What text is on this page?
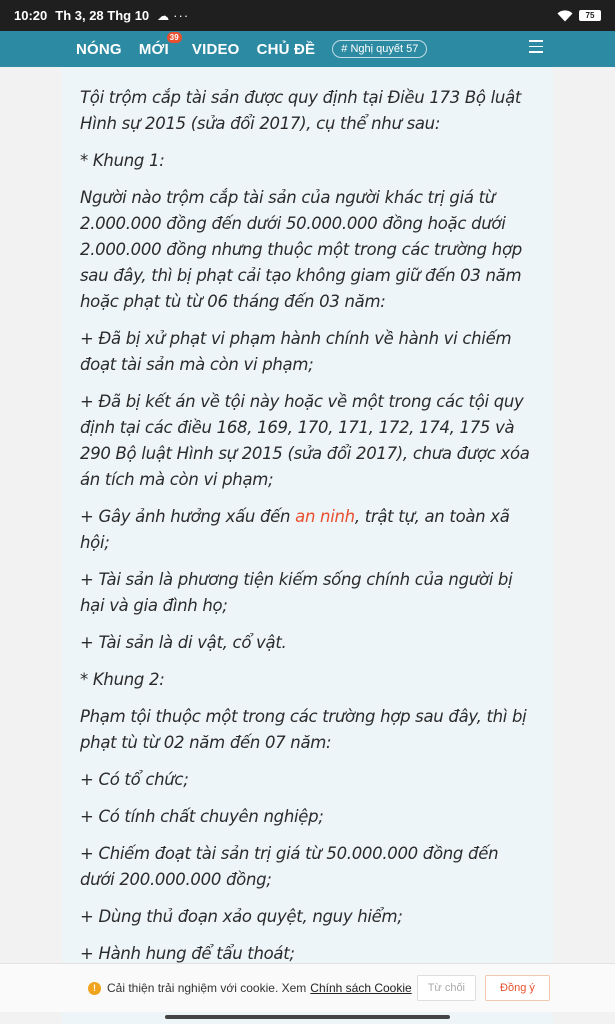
10:20 Th 3, 28 Thg 10 ☁ ···	75
NÓNG MỚI
39
VIDEO CHỦ ĐỀ	# Nghị quyết 57

Tội trộm cắp tài sản được quy định tại Điều 173 Bộ luật Hình sự 2015 (sửa đổi 2017), cụ thể như sau:

* Khung 1:

Người nào trộm cắp tài sản của người khác trị giá từ 2.000.000 đồng đến dưới 50.000.000 đồng hoặc dưới 2.000.000 đồng nhưng thuộc một trong các trường hợp sau đây, thì bị phạt cải tạo không giam giữ đến 03 năm hoặc phạt tù từ 06 tháng đến 03 năm:

+ Đã bị xử phạt vi phạm hành chính về hành vi chiếm đoạt tài sản mà còn vi phạm;

+ Đã bị kết án về tội này hoặc về một trong các tội quy định tại các điều 168, 169, 170, 171, 172, 174, 175 và 290 Bộ luật Hình sự 2015 (sửa đổi 2017), chưa được xóa án tích mà còn vi phạm;

+ Gây ảnh hưởng xấu đến an ninh, trật tự, an toàn xã hội;

+ Tài sản là phương tiện kiếm sống chính của người bị hại và gia đình họ;

+ Tài sản là di vật, cổ vật.

* Khung 2:

Phạm tội thuộc một trong các trường hợp sau đây, thì bị phạt tù từ 02 năm đến 07 năm:

+ Có tổ chức;

+ Có tính chất chuyên nghiệp;

+ Chiếm đoạt tài sản trị giá từ 50.000.000 đồng đến dưới 200.000.000 đồng;

+ Dùng thủ đoạn xảo quyệt, nguy hiểm;

+ Hành hung để tẩu thoát;

! Cải thiện trải nghiệm với cookie. Xem Chính sách Cookie	Từ chối	Đồng ý
